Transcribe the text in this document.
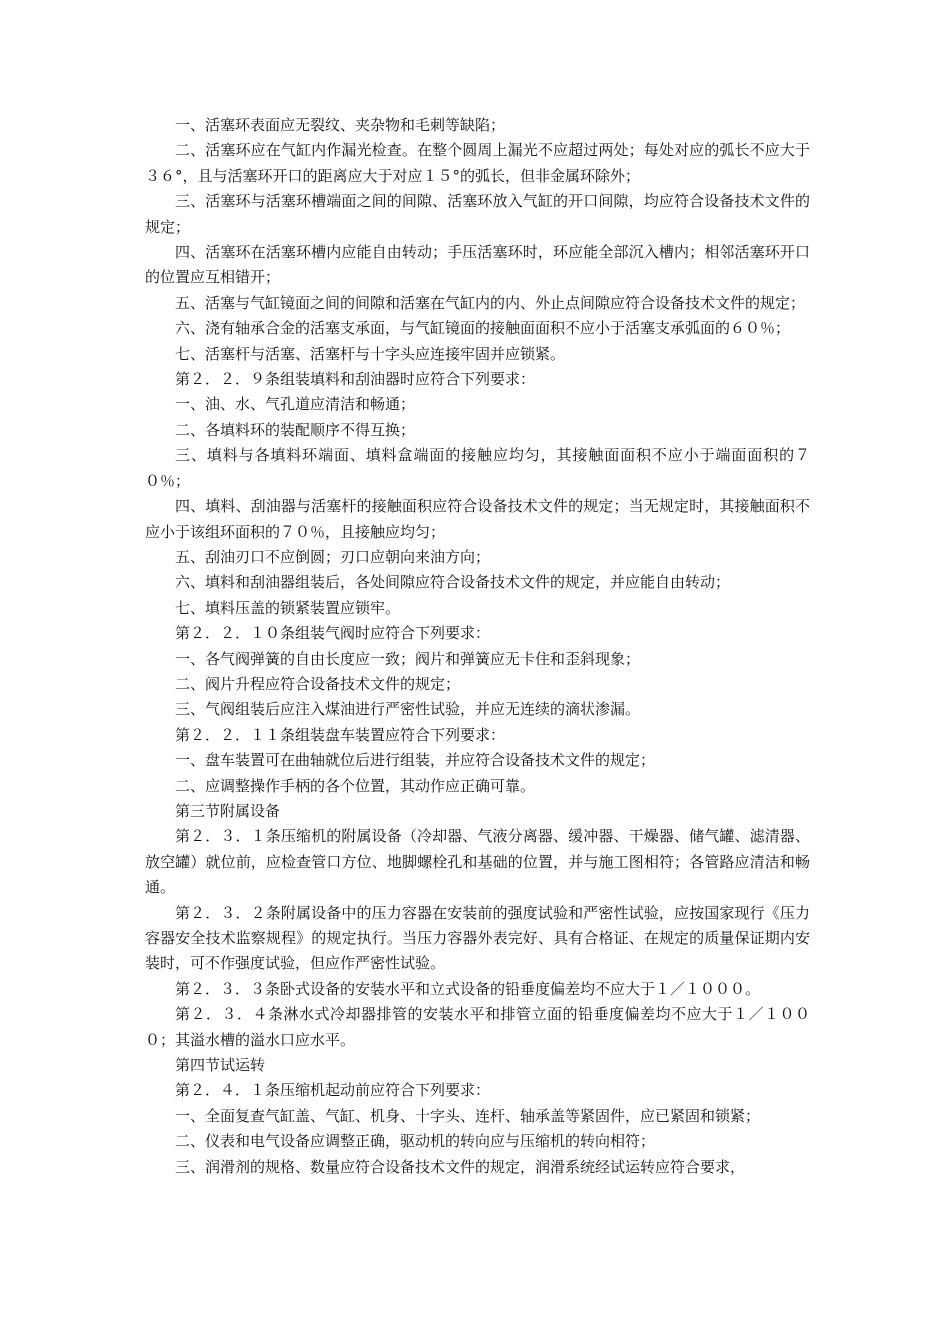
一、活塞环表面应无裂纹、夹杂物和毛刺等缺陷；

二、活塞环应在气缸内作漏光检查。在整个圆周上漏光不应超过两处；每处对应的弧长不应大于３６°，且与活塞环开口的距离应大于对应１５°的弧长，但非金属环除外；

三、活塞环与活塞环槽端面之间的间隙、活塞环放入气缸的开口间隙，均应符合设备技术文件的规定；

四、活塞环在活塞环槽内应能自由转动；手压活塞环时，环应能全部沉入槽内；相邻活塞环开口的位置应互相错开；

五、活塞与气缸镜面之间的间隙和活塞在气缸内的内、外止点间隙应符合设备技术文件的规定；

六、浇有轴承合金的活塞支承面，与气缸镜面的接触面面积不应小于活塞支承弧面的６０％；

七、活塞杆与活塞、活塞杆与十字头应连接牢固并应锁紧。

第２．２．９条组装填料和刮油器时应符合下列要求：

一、油、水、气孔道应清洁和畅通；

二、各填料环的装配顺序不得互换；

三、填料与各填料环端面、填料盒端面的接触应均匀，其接触面面积不应小于端面面积的７０％；

四、填料、刮油器与活塞杆的接触面积应符合设备技术文件的规定；当无规定时，其接触面积不应小于该组环面积的７０％，且接触应均匀；

五、刮油刃口不应倒圆；刃口应朝向来油方向；

六、填料和刮油器组装后，各处间隙应符合设备技术文件的规定，并应能自由转动；

七、填料压盖的锁紧装置应锁牢。

第２．２．１０条组装气阀时应符合下列要求：

一、各气阀弹簧的自由长度应一致；阀片和弹簧应无卡住和歪斜现象；

二、阀片升程应符合设备技术文件的规定；

三、气阀组装后应注入煤油进行严密性试验，并应无连续的滴状渗漏。

第２．２．１１条组装盘车装置应符合下列要求：

一、盘车装置可在曲轴就位后进行组装，并应符合设备技术文件的规定；

二、应调整操作手柄的各个位置，其动作应正确可靠。

第三节附属设备

第２．３．１条压缩机的附属设备（冷却器、气液分离器、缓冲器、干燥器、储气罐、滤清器、放空罐）就位前，应检查管口方位、地脚螺栓孔和基础的位置，并与施工图相符；各管路应清洁和畅通。

第２．３．２条附属设备中的压力容器在安装前的强度试验和严密性试验，应按国家现行《压力容器安全技术监察规程》的规定执行。当压力容器外表完好、具有合格证、在规定的质量保证期内安装时，可不作强度试验，但应作严密性试验。

第２．３．３条卧式设备的安装水平和立式设备的铅垂度偏差均不应大于１／１０００。

第２．３．４条淋水式冷却器排管的安装水平和排管立面的铅垂度偏差均不应大于１／１０００；其溢水槽的溢水口应水平。

第四节试运转

第２．４．１条压缩机起动前应符合下列要求：

一、全面复查气缸盖、气缸、机身、十字头、连杆、轴承盖等紧固件，应已紧固和锁紧；

二、仪表和电气设备应调整正确，驱动机的转向应与压缩机的转向相符；

三、润滑剂的规格、数量应符合设备技术文件的规定，润滑系统经试运转应符合要求，
